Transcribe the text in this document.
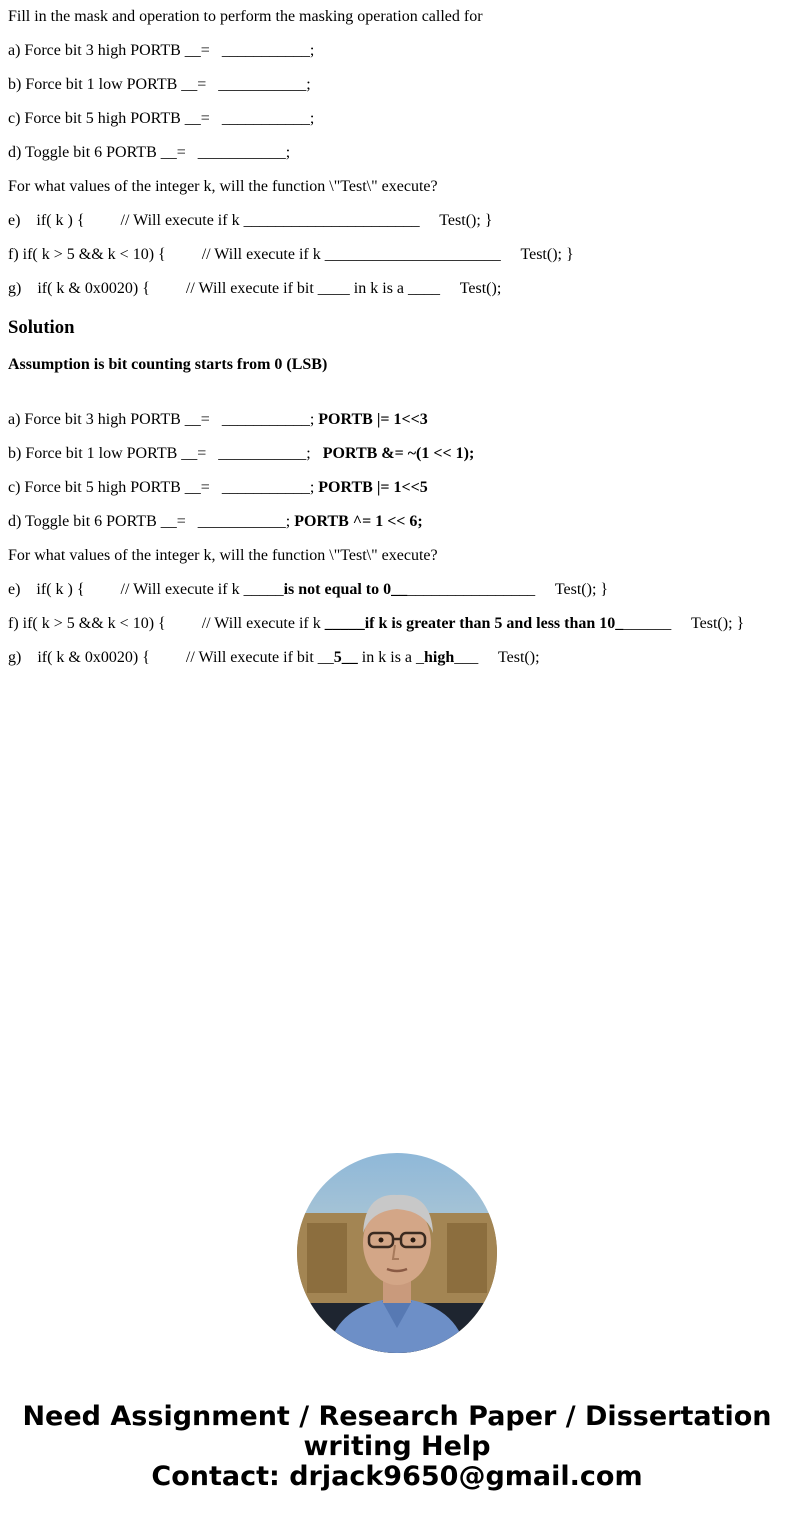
Fill in the mask and operation to perform the masking operation called for
a) Force bit 3 high PORTB __=   ___________;
b) Force bit 1 low PORTB __=   ___________;
c) Force bit 5 high PORTB __=   ___________;
d) Toggle bit 6 PORTB __=   ___________;
For what values of the integer k, will the function \"Test\" execute?
e)    if( k ) {         // Will execute if k ______________________     Test(); }
f) if( k > 5 && k < 10) {         // Will execute if k ______________________     Test(); }
g)    if( k & 0x0020) {         // Will execute if bit ____ in k is a ____     Test();
Solution
Assumption is bit counting starts from 0 (LSB)
a) Force bit 3 high PORTB __=   ___________; PORTB |= 1<<3
b) Force bit 1 low PORTB __=   ___________;   PORTB &= ~(1 << 1);
c) Force bit 5 high PORTB __=   ___________; PORTB |= 1<<5
d) Toggle bit 6 PORTB __=   ___________; PORTB ^= 1 << 6;
For what values of the integer k, will the function \"Test\" execute?
e)    if( k ) {         // Will execute if k _____is not equal to 0__________________     Test(); }
f) if( k > 5 && k < 10) {         // Will execute if k _____if k is greater than 5 and less than 10_______     Test(); }
g)    if( k & 0x0020) {         // Will execute if bit __5__ in k is a _high___     Test();
Need Assignment / Research Paper / Dissertation
writing Help
Contact: drjack9650@gmail.com
